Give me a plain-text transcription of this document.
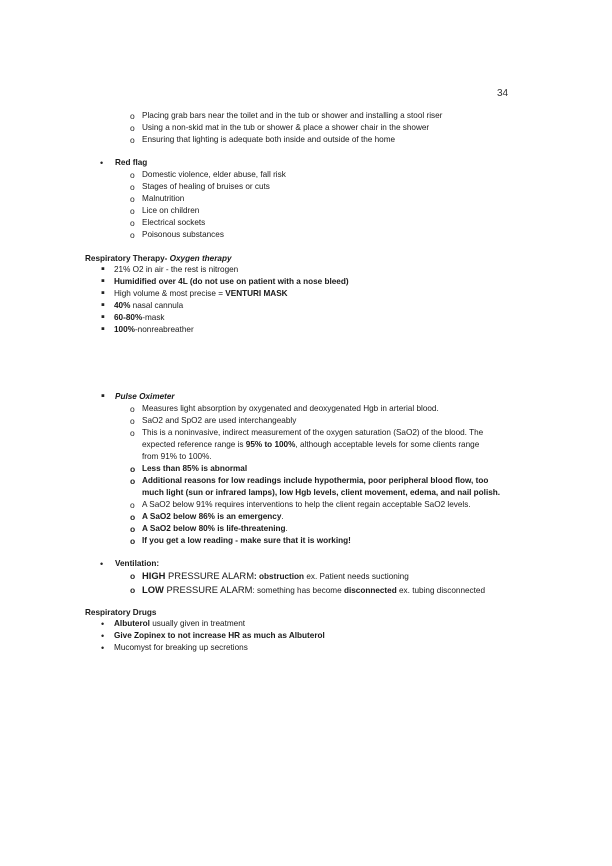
34
o Placing grab bars near the toilet and in the tub or shower and installing a stool riser
o Using a non-skid mat in the tub or shower & place a shower chair in the shower
o Ensuring that lighting is adequate both inside and outside of the home
• Red flag
o Domestic violence, elder abuse, fall risk
o Stages of healing of bruises or cuts
o Malnutrition
o Lice on children
o Electrical sockets
o Poisonous substances
Respiratory Therapy- Oxygen therapy
▪ 21% O2 in air - the rest is nitrogen
▪ Humidified over 4L (do not use on patient with a nose bleed)
▪ High volume & most precise = VENTURI MASK
▪ 40% nasal cannula
▪ 60-80%-mask
▪ 100%-nonreabreather
▪ Pulse Oximeter
o Measures light absorption by oxygenated and deoxygenated Hgb in arterial blood.
o SaO2 and SpO2 are used interchangeably
o This is a noninvasive, indirect measurement of the oxygen saturation (SaO2) of the blood. The
expected reference range is 95% to 100%, although acceptable levels for some clients range
from 91% to 100%.
o Less than 85% is abnormal
o Additional reasons for low readings include hypothermia, poor peripheral blood flow, too
much light (sun or infrared lamps), low Hgb levels, client movement, edema, and nail polish.
o A SaO2 below 91% requires interventions to help the client regain acceptable SaO2 levels.
o A SaO2 below 86% is an emergency.
o A SaO2 below 80% is life-threatening.
o If you get a low reading - make sure that it is working!
• Ventilation:
o HIGH PRESSURE ALARM: obstruction ex. Patient needs suctioning
o LOW PRESSURE ALARM: something has become disconnected ex. tubing disconnected
Respiratory Drugs
• Albuterol usually given in treatment
• Give Zopinex to not increase HR as much as Albuterol
• Mucomyst for breaking up secretions
